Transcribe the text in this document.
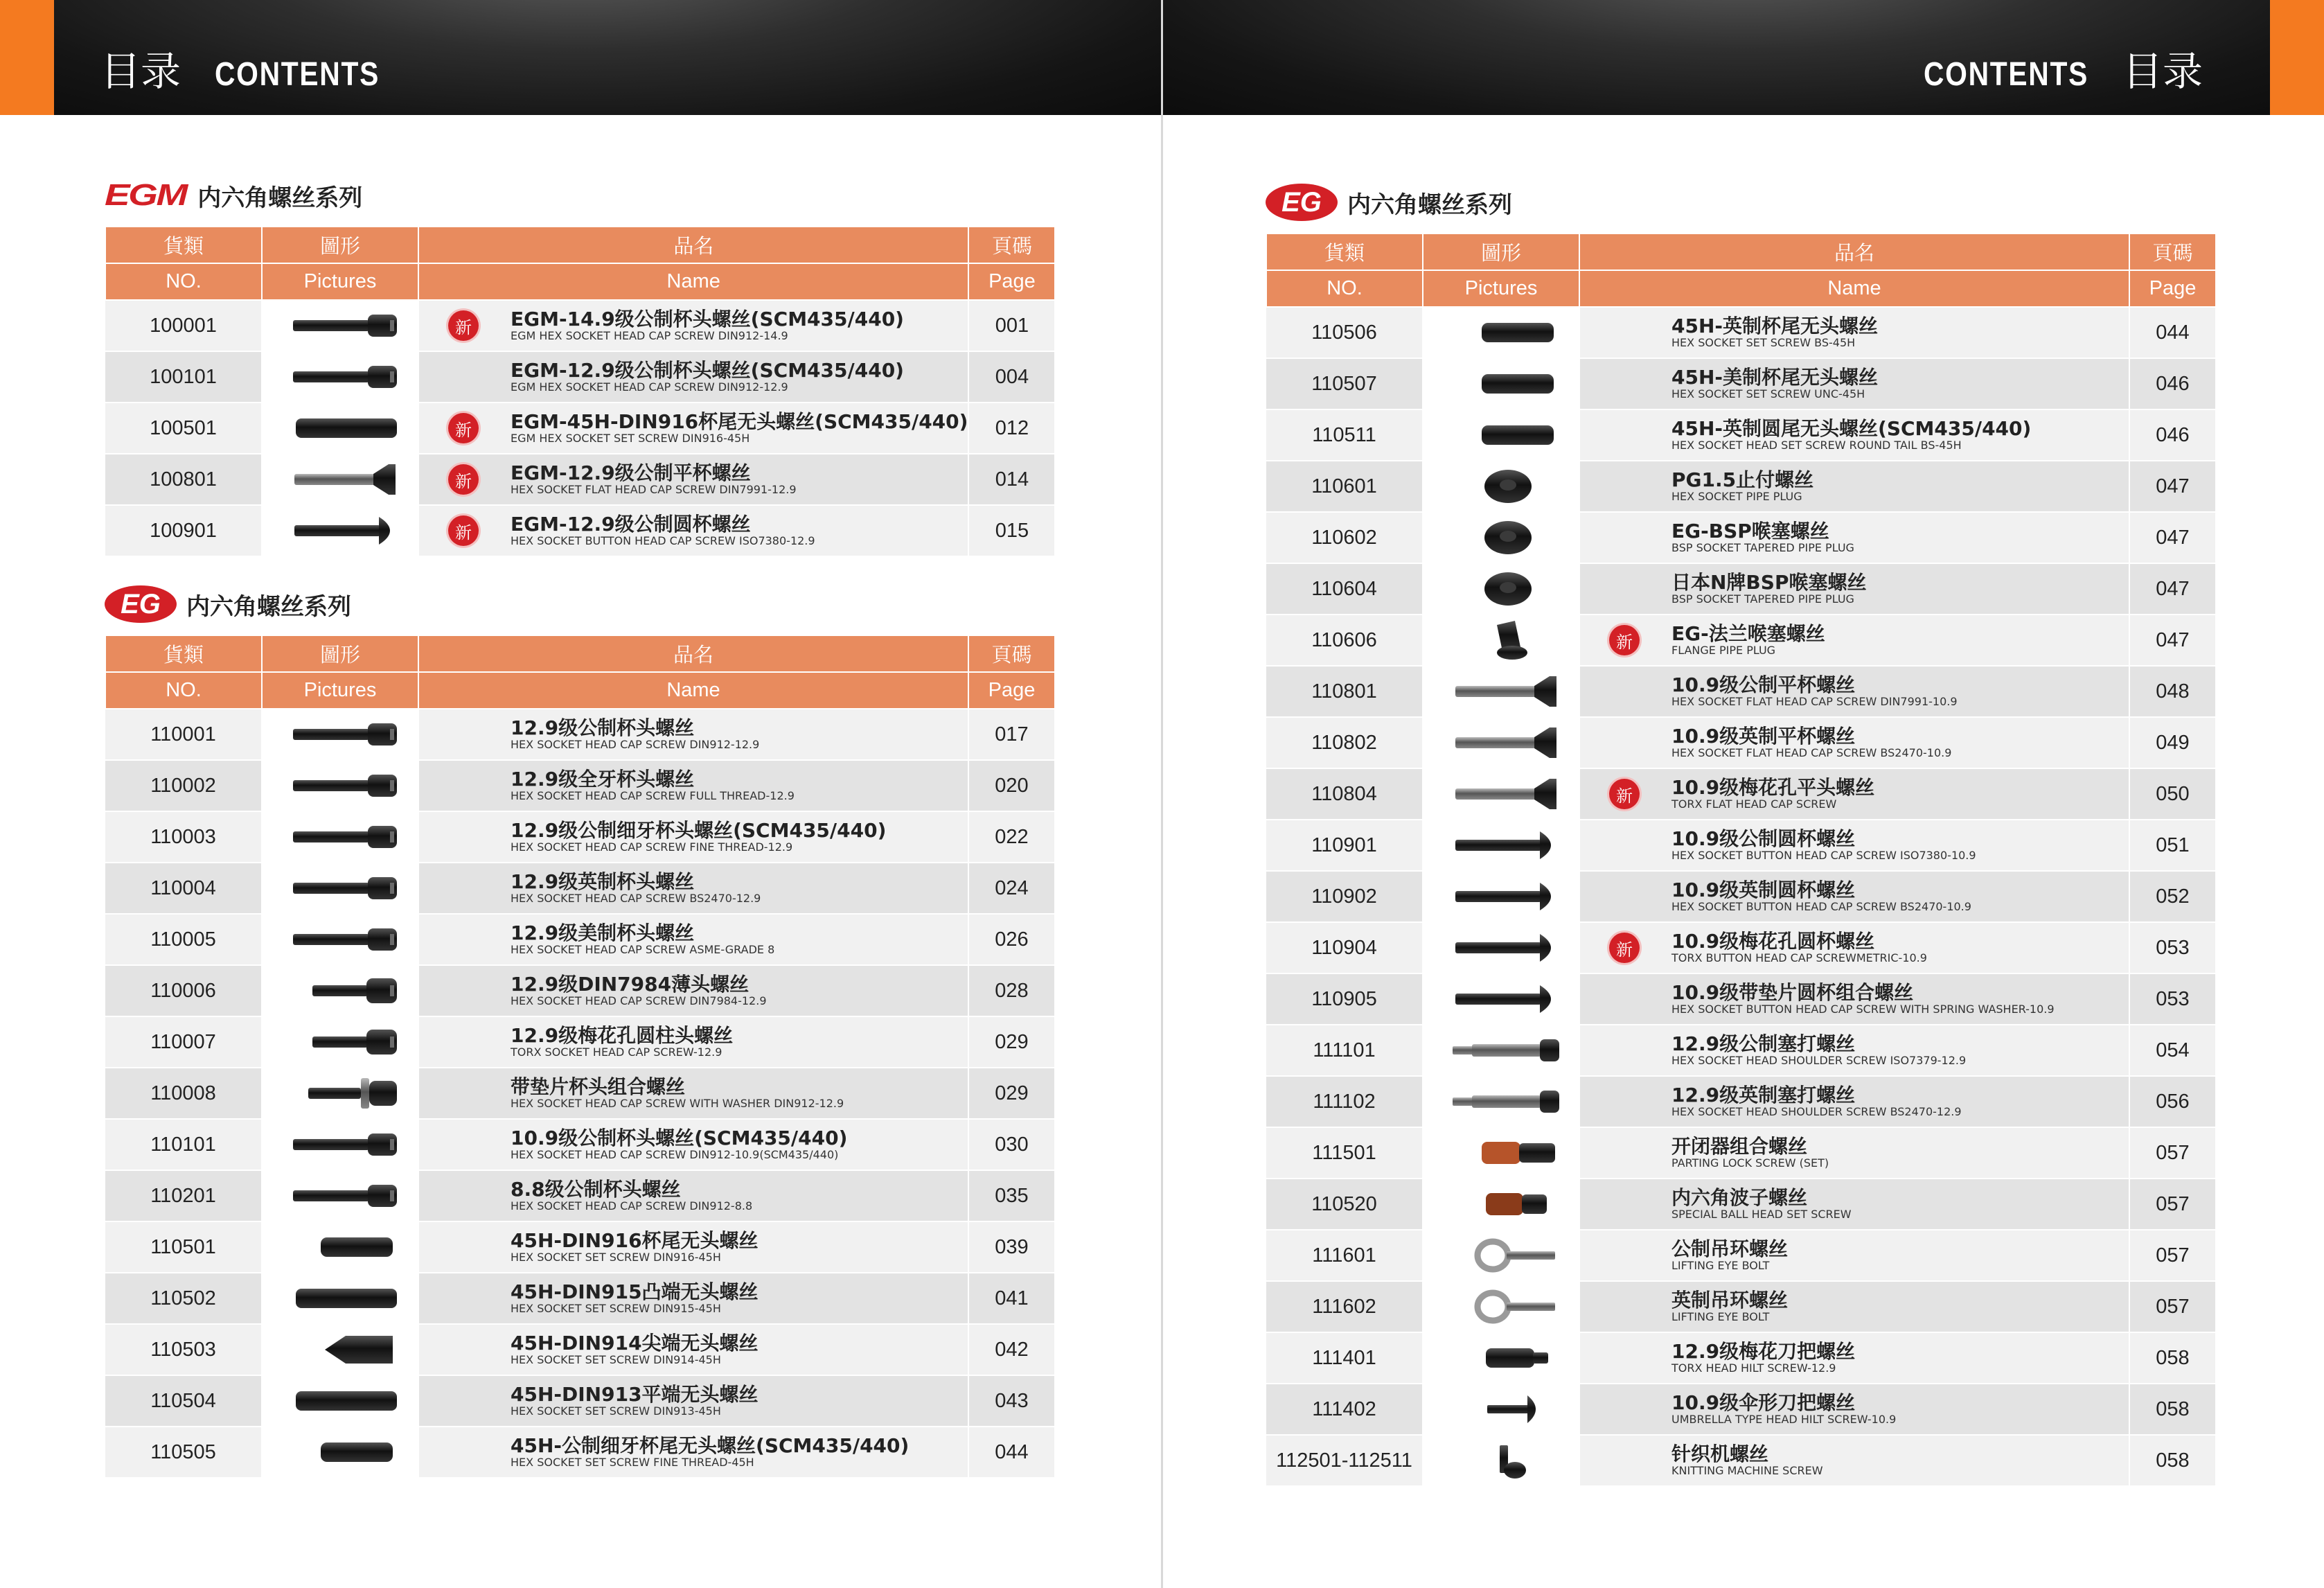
目录 CONTENTS	CONTENTS 目录
EGM 内六角螺丝系列
貨類	圖形	品名	頁碼
NO.	Pictures	Name	Page
100001		新 EGM-14.9级公制杯头螺丝(SCM435/440)
EGM HEX SOCKET HEAD CAP SCREW DIN912-14.9	001
100101		EGM-12.9级公制杯头螺丝(SCM435/440)
EGM HEX SOCKET HEAD CAP SCREW DIN912-12.9	004
100501		新 EGM-45H-DIN916杯尾无头螺丝(SCM435/440)
EGM HEX SOCKET SET SCREW DIN916-45H	012
100801		新 EGM-12.9级公制平杯螺丝
HEX SOCKET FLAT HEAD CAP SCREW DIN7991-12.9	014
100901		新 EGM-12.9级公制圆杯螺丝
HEX SOCKET BUTTON HEAD CAP SCREW ISO7380-12.9	015
EG	内六角螺丝系列
貨類	圖形	品名	頁碼
NO.	Pictures	Name	Page
110001		12.9级公制杯头螺丝
HEX SOCKET HEAD CAP SCREW DIN912-12.9	017
110002		12.9级全牙杯头螺丝
HEX SOCKET HEAD CAP SCREW FULL THREAD-12.9	020
110003		12.9级公制细牙杯头螺丝(SCM435/440)
HEX SOCKET HEAD CAP SCREW FINE THREAD-12.9	022
110004		12.9级英制杯头螺丝
HEX SOCKET HEAD CAP SCREW BS2470-12.9	024
110005		12.9级美制杯头螺丝
HEX SOCKET HEAD CAP SCREW ASME-GRADE 8	026
110006		12.9级DIN7984薄头螺丝
HEX SOCKET HEAD CAP SCREW DIN7984-12.9	028
110007		12.9级梅花孔圆柱头螺丝
TORX SOCKET HEAD CAP SCREW-12.9	029
110008		带垫片杯头组合螺丝
HEX SOCKET HEAD CAP SCREW WITH WASHER DIN912-12.9	029
110101		10.9级公制杯头螺丝(SCM435/440)
HEX SOCKET HEAD CAP SCREW DIN912-10.9(SCM435/440)	030
110201		8.8级公制杯头螺丝
HEX SOCKET HEAD CAP SCREW DIN912-8.8	035
110501		45H-DIN916杯尾无头螺丝
HEX SOCKET SET SCREW DIN916-45H	039
110502		45H-DIN915凸端无头螺丝
HEX SOCKET SET SCREW DIN915-45H	041
110503		45H-DIN914尖端无头螺丝
HEX SOCKET SET SCREW DIN914-45H	042
110504		45H-DIN913平端无头螺丝
HEX SOCKET SET SCREW DIN913-45H	043
110505		45H-公制细牙杯尾无头螺丝(SCM435/440)
HEX SOCKET SET SCREW FINE THREAD-45H	044
EG	内六角螺丝系列
貨類	圖形	品名	頁碼
NO.	Pictures	Name	Page
110506		45H-英制杯尾无头螺丝
HEX SOCKET SET SCREW BS-45H	044
110507		45H-美制杯尾无头螺丝
HEX SOCKET SET SCREW UNC-45H	046
110511		45H-英制圆尾无头螺丝(SCM435/440)
HEX SOCKET HEAD SET SCREW ROUND TAIL BS-45H	046
110601		PG1.5止付螺丝
HEX SOCKET PIPE PLUG	047
110602		EG-BSP喉塞螺丝
BSP SOCKET TAPERED PIPE PLUG	047
110604		日本N牌BSP喉塞螺丝
BSP SOCKET TAPERED PIPE PLUG	047
110606		新 EG-法兰喉塞螺丝
FLANGE PIPE PLUG	047
110801		10.9级公制平杯螺丝
HEX SOCKET FLAT HEAD CAP SCREW DIN7991-10.9	048
110802		10.9级英制平杯螺丝
HEX SOCKET FLAT HEAD CAP SCREW BS2470-10.9	049
110804		新 10.9级梅花孔平头螺丝
TORX FLAT HEAD CAP SCREW	050
110901		10.9级公制圆杯螺丝
HEX SOCKET BUTTON HEAD CAP SCREW ISO7380-10.9	051
110902		10.9级英制圆杯螺丝
HEX SOCKET BUTTON HEAD CAP SCREW BS2470-10.9	052
110904		新 10.9级梅花孔圆杯螺丝
TORX BUTTON HEAD CAP SCREWMETRIC-10.9	053
110905		10.9级带垫片圆杯组合螺丝
HEX SOCKET BUTTON HEAD CAP SCREW WITH SPRING WASHER-10.9	053
111101		12.9级公制塞打螺丝
HEX SOCKET HEAD SHOULDER SCREW ISO7379-12.9	054
111102		12.9级英制塞打螺丝
HEX SOCKET HEAD SHOULDER SCREW BS2470-12.9	056
111501		开闭器组合螺丝
PARTING LOCK SCREW (SET)	057
110520		内六角波子螺丝
SPECIAL BALL HEAD SET SCREW	057
111601		公制吊环螺丝
LIFTING EYE BOLT	057
111602		英制吊环螺丝
LIFTING EYE BOLT	057
111401		12.9级梅花刀把螺丝
TORX HEAD HILT SCREW-12.9	058
111402		10.9级伞形刀把螺丝
UMBRELLA TYPE HEAD HILT SCREW-10.9	058
112501-112511		针织机螺丝
KNITTING MACHINE SCREW	058
